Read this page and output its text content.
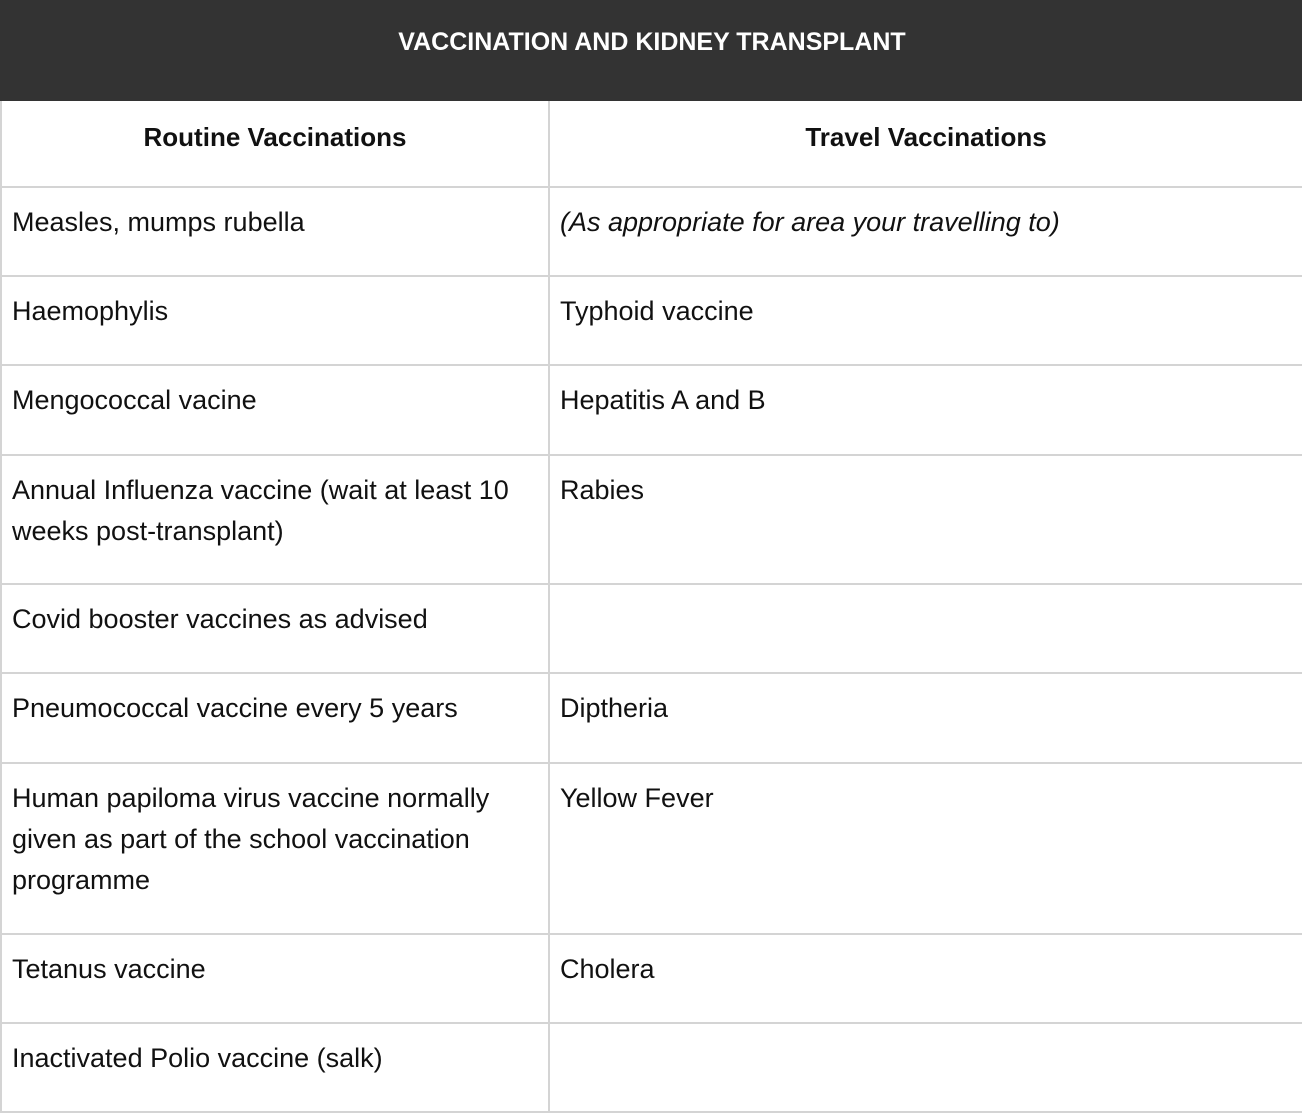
VACCINATION AND KIDNEY TRANSPLANT	
Routine Vaccinations	Travel Vaccinations
Measles, mumps rubella	(As appropriate for area your travelling to)
Haemophylis	Typhoid vaccine
Mengococcal vacine	Hepatitis A and B
Annual Influenza vaccine (wait at least 10 weeks post-transplant)	Rabies
Covid booster vaccines as advised	
Pneumococcal vaccine every 5 years	Diptheria
Human papiloma virus vaccine normally given as part of the school vaccination programme	Yellow Fever
Tetanus vaccine	Cholera
Inactivated Polio vaccine (salk)	
